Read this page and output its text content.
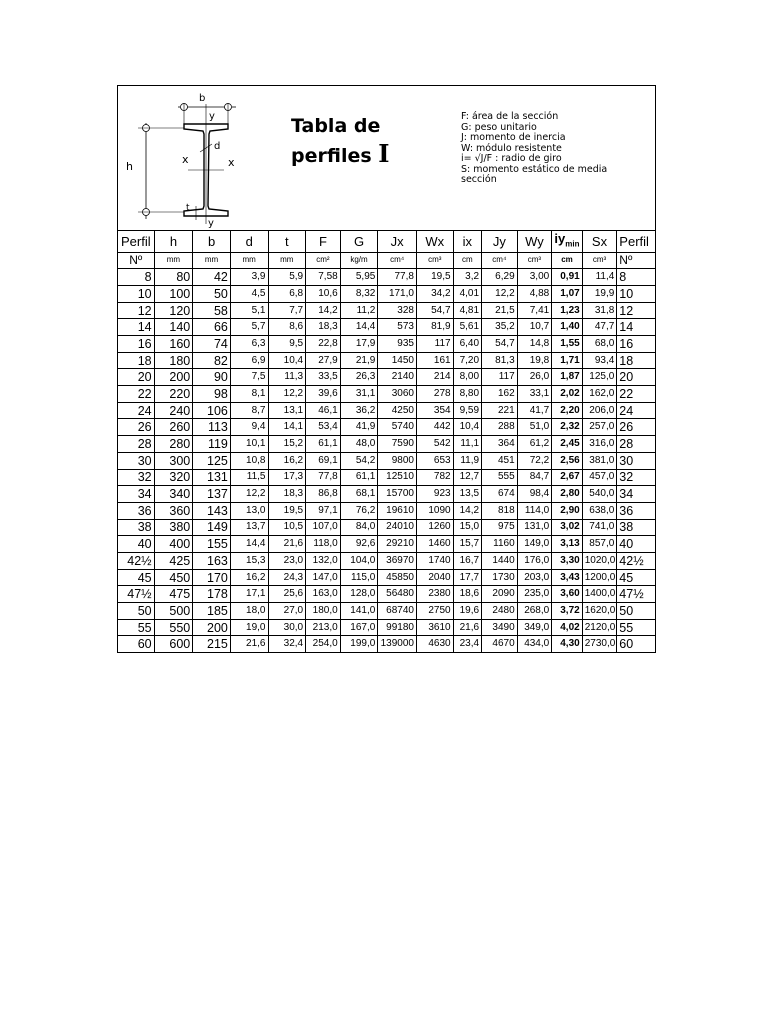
b
h
y
y
x	x
d
t
Tabla de
perfiles I
F: área de la sección
G: peso unitario
J: momento de inercia
W: módulo resistente
i= √J/F : radio de giro
S: momento estático de media
sección
Perfil	h	b	d	t	F	G	Jx	Wx	ix	Jy	Wy	$iy_{min}$	Sx	Perfil
Nº	mm	mm	mm	mm	cm²	kg/m	cm⁴	cm³	cm	cm⁴	cm³	cm	cm³	Nº
8	80	42	3,9	5,9	7,58	5,95	77,8	19,5	3,2	6,29	3,00	0,91	11,4	8
10	100	50	4,5	6,8	10,6	8,32	171,0	34,2	4,01	12,2	4,88	1,07	19,9	10
12	120	58	5,1	7,7	14,2	11,2	328	54,7	4,81	21,5	7,41	1,23	31,8	12
14	140	66	5,7	8,6	18,3	14,4	573	81,9	5,61	35,2	10,7	1,40	47,7	14
16	160	74	6,3	9,5	22,8	17,9	935	117	6,40	54,7	14,8	1,55	68,0	16
18	180	82	6,9	10,4	27,9	21,9	1450	161	7,20	81,3	19,8	1,71	93,4	18
20	200	90	7,5	11,3	33,5	26,3	2140	214	8,00	117	26,0	1,87	125,0	20
22	220	98	8,1	12,2	39,6	31,1	3060	278	8,80	162	33,1	2,02	162,0	22
24	240	106	8,7	13,1	46,1	36,2	4250	354	9,59	221	41,7	2,20	206,0	24
26	260	113	9,4	14,1	53,4	41,9	5740	442	10,4	288	51,0	2,32	257,0	26
28	280	119	10,1	15,2	61,1	48,0	7590	542	11,1	364	61,2	2,45	316,0	28
30	300	125	10,8	16,2	69,1	54,2	9800	653	11,9	451	72,2	2,56	381,0	30
32	320	131	11,5	17,3	77,8	61,1	12510	782	12,7	555	84,7	2,67	457,0	32
34	340	137	12,2	18,3	86,8	68,1	15700	923	13,5	674	98,4	2,80	540,0	34
36	360	143	13,0	19,5	97,1	76,2	19610	1090	14,2	818	114,0	2,90	638,0	36
38	380	149	13,7	10,5	107,0	84,0	24010	1260	15,0	975	131,0	3,02	741,0	38
40	400	155	14,4	21,6	118,0	92,6	29210	1460	15,7	1160	149,0	3,13	857,0	40
42½	425	163	15,3	23,0	132,0	104,0	36970	1740	16,7	1440	176,0	3,30	1020,0	42½
45	450	170	16,2	24,3	147,0	115,0	45850	2040	17,7	1730	203,0	3,43	1200,0	45
47½	475	178	17,1	25,6	163,0	128,0	56480	2380	18,6	2090	235,0	3,60	1400,0	47½
50	500	185	18,0	27,0	180,0	141,0	68740	2750	19,6	2480	268,0	3,72	1620,0	50
55	550	200	19,0	30,0	213,0	167,0	99180	3610	21,6	3490	349,0	4,02	2120,0	55
60	600	215	21,6	32,4	254,0	199,0	139000	4630	23,4	4670	434,0	4,30	2730,0	60
